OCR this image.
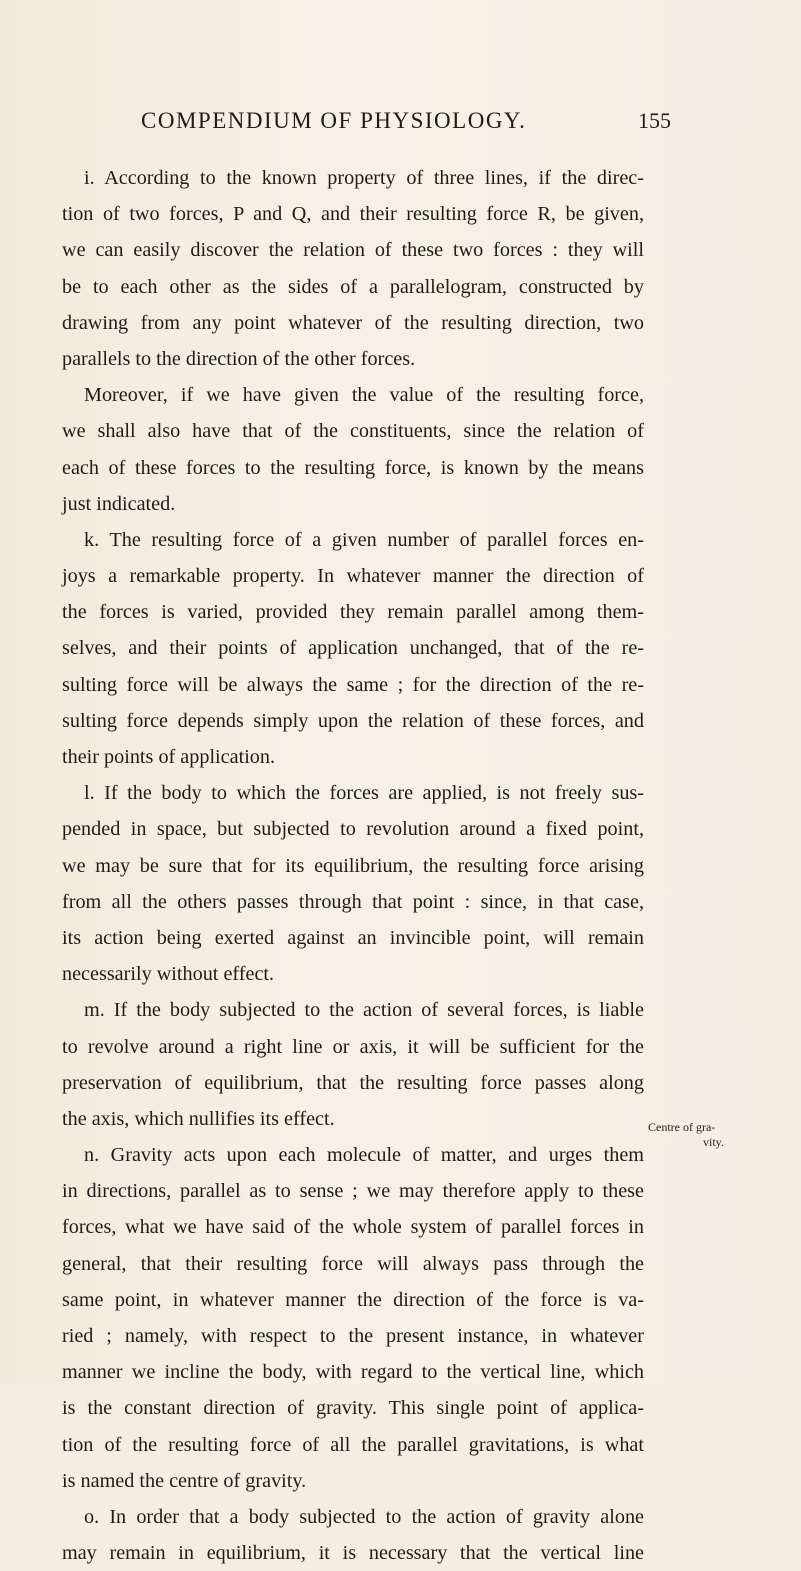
COMPENDIUM OF PHYSIOLOGY.	155
i. According to the known property of three lines, if the direc-
tion of two forces, P and Q, and their resulting force R, be given,
we can easily discover the relation of these two forces : they will
be to each other as the sides of a parallelogram, constructed by
drawing from any point whatever of the resulting direction, two
parallels to the direction of the other forces.
Moreover, if we have given the value of the resulting force,
we shall also have that of the constituents, since the relation of
each of these forces to the resulting force, is known by the means
just indicated.
k. The resulting force of a given number of parallel forces en-
joys a remarkable property. In whatever manner the direction of
the forces is varied, provided they remain parallel among them-
selves, and their points of application unchanged, that of the re-
sulting force will be always the same ; for the direction of the re-
sulting force depends simply upon the relation of these forces, and
their points of application.
l. If the body to which the forces are applied, is not freely sus-
pended in space, but subjected to revolution around a fixed point,
we may be sure that for its equilibrium, the resulting force arising
from all the others passes through that point : since, in that case,
its action being exerted against an invincible point, will remain
necessarily without effect.
m. If the body subjected to the action of several forces, is liable
to revolve around a right line or axis, it will be sufficient for the
preservation of equilibrium, that the resulting force passes along
the axis, which nullifies its effect.
n. Gravity acts upon each molecule of matter, and urges them
in directions, parallel as to sense ; we may therefore apply to these
forces, what we have said of the whole system of parallel forces in
general, that their resulting force will always pass through the
same point, in whatever manner the direction of the force is va-
ried ; namely, with respect to the present instance, in whatever
manner we incline the body, with regard to the vertical line, which
is the constant direction of gravity. This single point of applica-
tion of the resulting force of all the parallel gravitations, is what
is named the centre of gravity.
o. In order that a body subjected to the action of gravity alone
may remain in equilibrium, it is necessary that the vertical line
Centre of gra-
vity.
